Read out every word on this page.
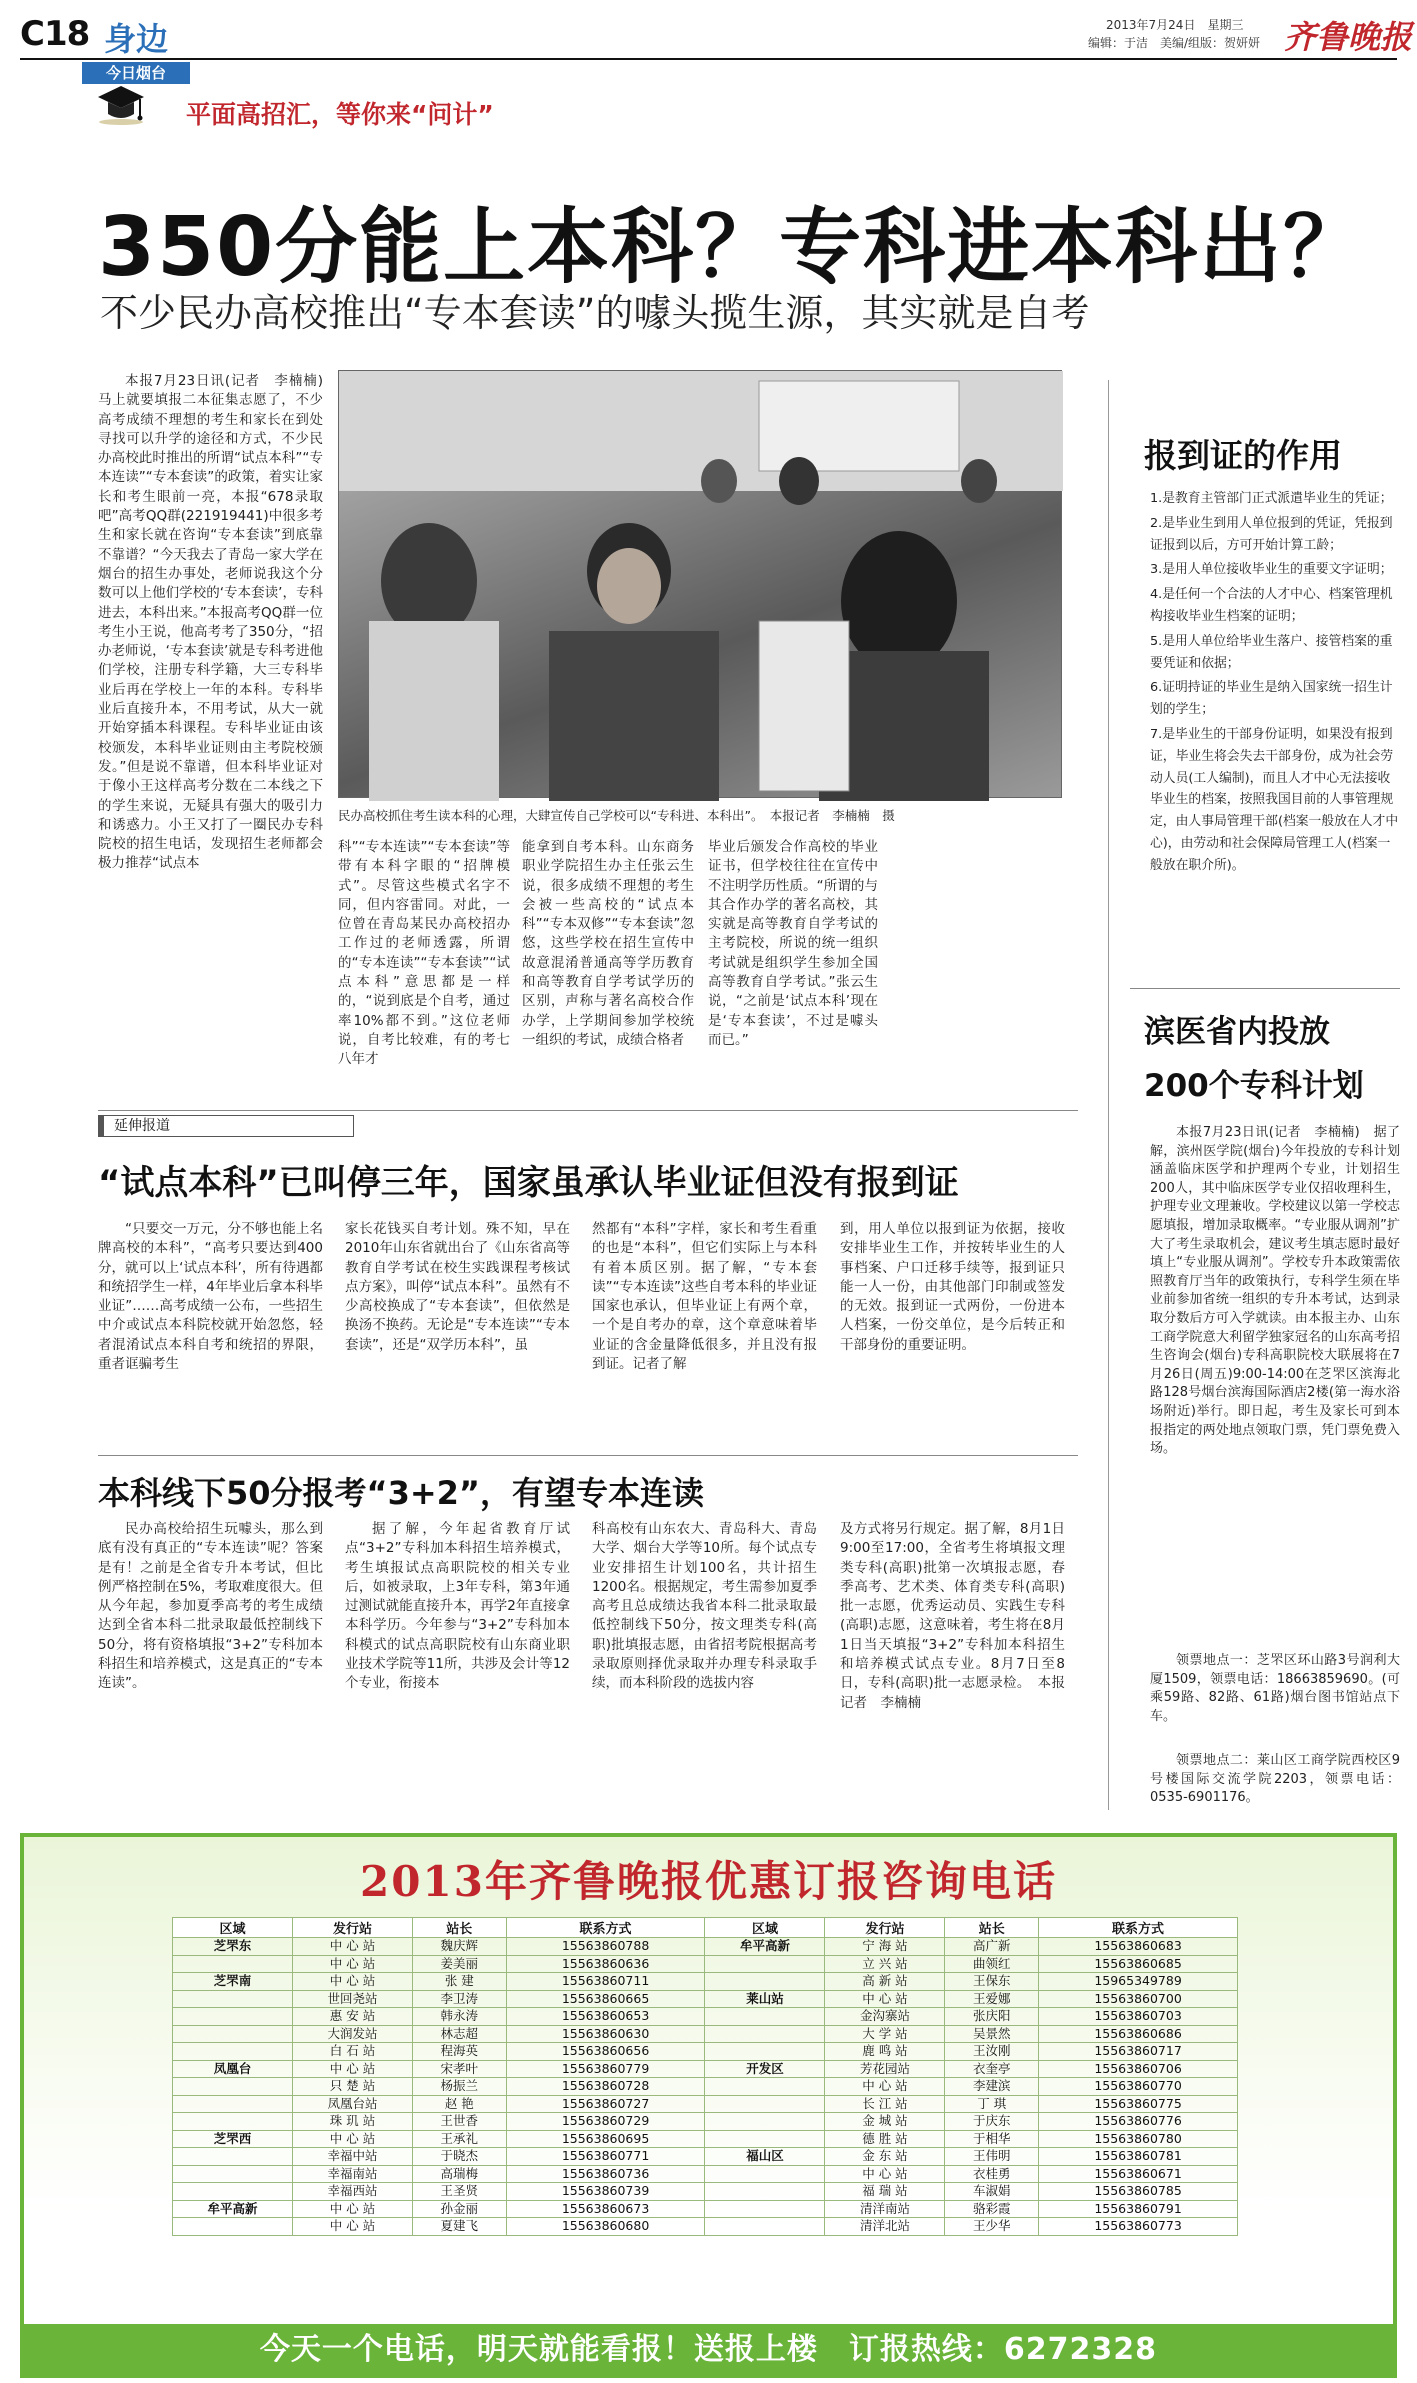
C18 身边
今日烟台
平面高招汇，等你来“问计”
2013年7月24日　星期三
编辑：于洁　美编/组版：贺妍妍 齐鲁晚报
350分能上本科？专科进本科出？
不少民办高校推出“专本套读”的噱头揽生源，其实就是自考

本报7月23日讯(记者　李楠楠)　马上就要填报二本征集志愿了，不少高考成绩不理想的考生和家长在到处寻找可以升学的途径和方式，不少民办高校此时推出的所谓“试点本科”“专本连读”“专本套读”的政策，着实让家长和考生眼前一亮，本报“678录取吧”高考QQ群(221919441)中很多考生和家长就在咨询“专本套读”到底靠不靠谱？“今天我去了青岛一家大学在烟台的招生办事处，老师说我这个分数可以上他们学校的‘专本套读’，专科进去，本科出来。”本报高考QQ群一位考生小王说，他高考考了350分，“招办老师说，‘专本套读’就是专科考进他们学校，注册专科学籍，大三专科毕业后再在学校上一年的本科。专科毕业后直接升本，不用考试，从大一就开始穿插本科课程。专科毕业证由该校颁发，本科毕业证则由主考院校颁发。”但是说不靠谱，但本科毕业证对于像小王这样高考分数在二本线之下的学生来说，无疑具有强大的吸引力和诱惑力。小王又打了一圈民办专科院校的招生电话，发现招生老师都会极力推荐“试点本

民办高校抓住考生读本科的心理，大肆宣传自己学校可以“专科进、本科出”。　本报记者　李楠楠　摄

科”“专本连读”“专本套读”等带有本科字眼的“招牌模式”。尽管这些模式名字不同，但内容雷同。对此，一位曾在青岛某民办高校招办工作过的老师透露，所谓的“专本连读”“专本套读”“试点本科”意思都是一样的，“说到底是个自考，通过率10%都不到。”这位老师说，自考比较难，有的考七八年才

能拿到自考本科。山东商务职业学院招生办主任张云生说，很多成绩不理想的考生会被一些高校的“试点本科”“专本双修”“专本套读”忽悠，这些学校在招生宣传中故意混淆普通高等学历教育和高等教育自学考试学历的区别，声称与著名高校合作办学，上学期间参加学校统一组织的考试，成绩合格者

毕业后颁发合作高校的毕业证书，但学校往往在宣传中不注明学历性质。“所谓的与其合作办学的著名高校，其实就是高等教育自学考试的主考院校，所说的统一组织考试就是组织学生参加全国高等教育自学考试。”张云生说，“之前是‘试点本科’现在是‘专本套读’，不过是噱头而已。”

报到证的作用

1.是教育主管部门正式派遣毕业生的凭证；

2.是毕业生到用人单位报到的凭证，凭报到证报到以后，方可开始计算工龄；

3.是用人单位接收毕业生的重要文字证明；

4.是任何一个合法的人才中心、档案管理机构接收毕业生档案的证明；

5.是用人单位给毕业生落户、接管档案的重要凭证和依据；

6.证明持证的毕业生是纳入国家统一招生计划的学生；

7.是毕业生的干部身份证明，如果没有报到证，毕业生将会失去干部身份，成为社会劳动人员(工人编制)，而且人才中心无法接收毕业生的档案，按照我国目前的人事管理规定，由人事局管理干部(档案一般放在人才中心)，由劳动和社会保障局管理工人(档案一般放在职介所)。

滨医省内投放
200个专科计划

本报7月23日讯(记者　李楠楠)　据了解，滨州医学院(烟台)今年投放的专科计划涵盖临床医学和护理两个专业，计划招生200人，其中临床医学专业仅招收理科生，护理专业文理兼收。学校建议以第一学校志愿填报，增加录取概率。“专业服从调剂”扩大了考生录取机会，建议考生填志愿时最好填上“专业服从调剂”。学校专升本政策需依照教育厅当年的政策执行，专科学生须在毕业前参加省统一组织的专升本考试，达到录取分数后方可入学就读。由本报主办、山东工商学院意大利留学独家冠名的山东高考招生咨询会(烟台)专科高职院校大联展将在7月26日(周五)9:00-14:00在芝罘区滨海北路128号烟台滨海国际酒店2楼(第一海水浴场附近)举行。即日起，考生及家长可到本报指定的两处地点领取门票，凭门票免费入场。

领票地点一：芝罘区环山路3号润利大厦1509，领票电话：18663859690。(可乘59路、82路、61路)烟台图书馆站点下车。

领票地点二：莱山区工商学院西校区9号楼国际交流学院2203，领票电话：0535-6901176。

延伸报道
“试点本科”已叫停三年，国家虽承认毕业证但没有报到证

“只要交一万元，分不够也能上名牌高校的本科”，“高考只要达到400分，就可以上‘试点本科’，所有待遇都和统招学生一样，4年毕业后拿本科毕业证”……高考成绩一公布，一些招生中介或试点本科院校就开始忽悠，轻者混淆试点本科自考和统招的界限，重者诓骗考生

家长花钱买自考计划。殊不知，早在2010年山东省就出台了《山东省高等教育自学考试在校生实践课程考核试点方案》，叫停“试点本科”。虽然有不少高校换成了“专本套读”，但依然是换汤不换药。无论是“专本连读”“专本套读”，还是“双学历本科”，虽

然都有“本科”字样，家长和考生看重的也是“本科”，但它们实际上与本科有着本质区别。据了解，“专本套读”“专本连读”这些自考本科的毕业证国家也承认，但毕业证上有两个章，一个是自考办的章，这个章意味着毕业证的含金量降低很多，并且没有报到证。记者了解

到，用人单位以报到证为依据，接收安排毕业生工作，并按转毕业生的人事档案、户口迁移手续等，报到证只能一人一份，由其他部门印制或签发的无效。报到证一式两份，一份进本人档案，一份交单位，是今后转正和干部身份的重要证明。

本科线下50分报考“3+2”，有望专本连读

民办高校给招生玩噱头，那么到底有没有真正的“专本连读”呢？答案是有！之前是全省专升本考试，但比例严格控制在5%，考取难度很大。但从今年起，参加夏季高考的考生成绩达到全省本科二批录取最低控制线下50分，将有资格填报“3+2”专科加本科招生和培养模式，这是真正的“专本连读”。

据了解，今年起省教育厅试点“3+2”专科加本科招生培养模式，考生填报试点高职院校的相关专业后，如被录取，上3年专科，第3年通过测试就能直接升本，再学2年直接拿本科学历。今年参与“3+2”专科加本科模式的试点高职院校有山东商业职业技术学院等11所，共涉及会计等12个专业，衔接本

科高校有山东农大、青岛科大、青岛大学、烟台大学等10所。每个试点专业安排招生计划100名，共计招生1200名。根据规定，考生需参加夏季高考且总成绩达我省本科二批录取最低控制线下50分，按文理类专科(高职)批填报志愿，由省招考院根据高考录取原则择优录取并办理专科录取手续，而本科阶段的选拔内容

及方式将另行规定。据了解，8月1日9:00至17:00，全省考生将填报文理类专科(高职)批第一次填报志愿，春季高考、艺术类、体育类专科(高职)批一志愿，优秀运动员、实践生专科(高职)志愿，这意味着，考生将在8月1日当天填报“3+2”专科加本科招生和培养模式试点专业。8月7日至8日，专科(高职)批一志愿录检。　本报记者　李楠楠

2013年齐鲁晚报优惠订报咨询电话
区域	发行站	站长	联系方式	区域	发行站	站长	联系方式
芝罘东	中 心 站	魏庆辉	15563860788	牟平高新	宁 海 站	高广新	15563860683
	中 心 站	姜美丽	15563860636		立 兴 站	曲领红	15563860685
芝罘南	中 心 站	张 建	15563860711		高 新 站	王保东	15965349789
	世回尧站	李卫涛	15563860665	莱山站	中 心 站	王爱娜	15563860700
	惠 安 站	韩永涛	15563860653		金沟寨站	张庆阳	15563860703
	大润发站	林志超	15563860630		大 学 站	吴景然	15563860686
	白 石 站	程海英	15563860656		鹿 鸣 站	王汝刚	15563860717
凤凰台	中 心 站	宋孝叶	15563860779	开发区	芳花园站	衣奎亭	15563860706
	只 楚 站	杨振兰	15563860728		中 心 站	李建滨	15563860770
	凤凰台站	赵 艳	15563860727		长 江 站	丁 琪	15563860775
	珠 玑 站	王世香	15563860729		金 城 站	于庆东	15563860776
芝罘西	中 心 站	王承礼	15563860695		德 胜 站	于相华	15563860780
	幸福中站	于晓杰	15563860771	福山区	金 东 站	王伟明	15563860781
	幸福南站	高瑞梅	15563860736		中 心 站	衣桂勇	15563860671
	幸福西站	王圣贤	15563860739		福 瑞 站	车淑娟	15563860785
牟平高新	中 心 站	孙金丽	15563860673		清洋南站	骆彩霞	15563860791
	中 心 站	夏建飞	15563860680		清洋北站	王少华	15563860773
今天一个电话，明天就能看报！送报上楼　订报热线：6272328
